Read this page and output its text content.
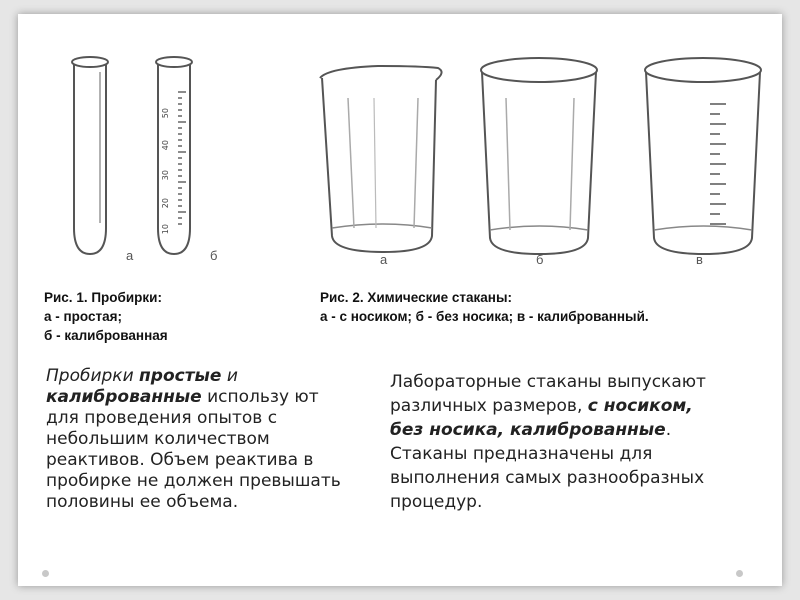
50
40
30
20
10
а	б	а	б	в
Рис. 1. Пробирки:
а - простая;
б - калиброванная
Рис. 2. Химические стаканы:
а - с носиком; б - без носика; в - калиброванный.
Пробирки простые и калиброванные использу ют для проведения опытов с небольшим количеством реактивов. Объем реактива в пробирке не должен превышать половины ее объема.
Лабораторные стаканы выпускают различных размеров, с носиком, без носика, калиброванные. Стаканы предназначены для выполнения самых разнообразных процедур.
